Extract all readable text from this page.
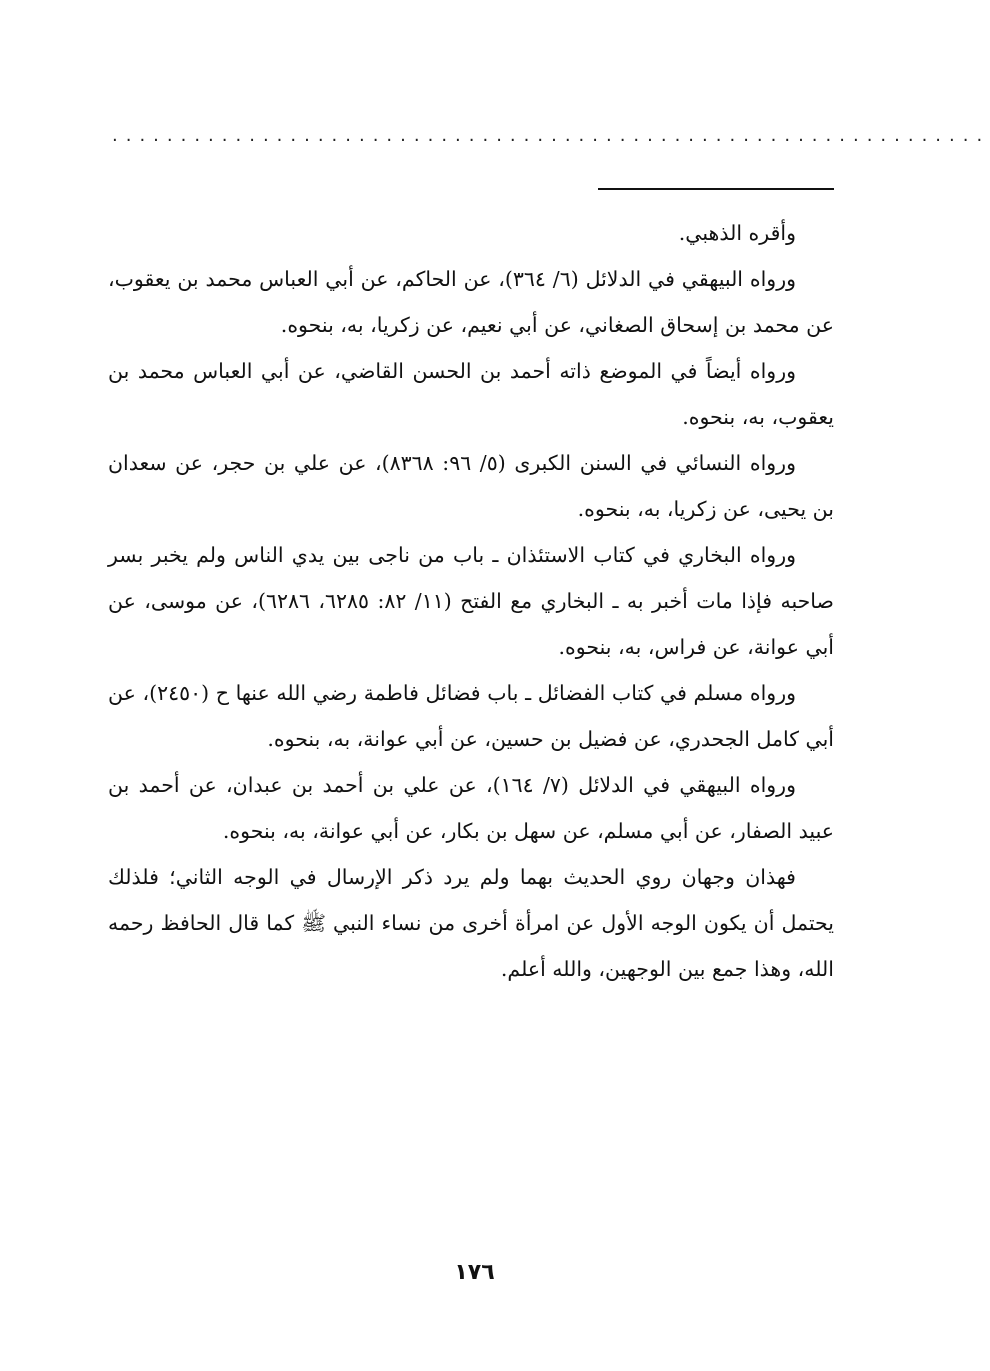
................................................................

وأقره الذهبي.

ورواه البيهقي في الدلائل (٦/ ٣٦٤)، عن الحاكم، عن أبي العباس محمد بن يعقوب، عن محمد بن إسحاق الصغاني، عن أبي نعيم، عن زكريا، به، بنحوه.

ورواه أيضاً في الموضع ذاته أحمد بن الحسن القاضي، عن أبي العباس محمد بن يعقوب، به، بنحوه.

ورواه النسائي في السنن الكبرى (٥/ ٩٦: ٨٣٦٨)، عن علي بن حجر، عن سعدان بن يحيى، عن زكريا، به، بنحوه.

ورواه البخاري في كتاب الاستئذان ـ باب من ناجى بين يدي الناس ولم يخبر بسر صاحبه فإذا مات أخبر به ـ البخاري مع الفتح (١١/ ٨٢: ٦٢٨٥، ٦٢٨٦)، عن موسى، عن أبي عوانة، عن فراس، به، بنحوه.

ورواه مسلم في كتاب الفضائل ـ باب فضائل فاطمة رضي الله عنها ح (٢٤٥٠)، عن أبي كامل الجحدري، عن فضيل بن حسين، عن أبي عوانة، به، بنحوه.

ورواه البيهقي في الدلائل (٧/ ١٦٤)، عن علي بن أحمد بن عبدان، عن أحمد بن عبيد الصفار، عن أبي مسلم، عن سهل بن بكار، عن أبي عوانة، به، بنحوه.

فهذان وجهان روي الحديث بهما ولم يرد ذكر الإرسال في الوجه الثاني؛ فلذلك يحتمل أن يكون الوجه الأول عن امرأة أخرى من نساء النبي ﷺ كما قال الحافظ رحمه الله، وهذا جمع بين الوجهين، والله أعلم.

١٧٦
